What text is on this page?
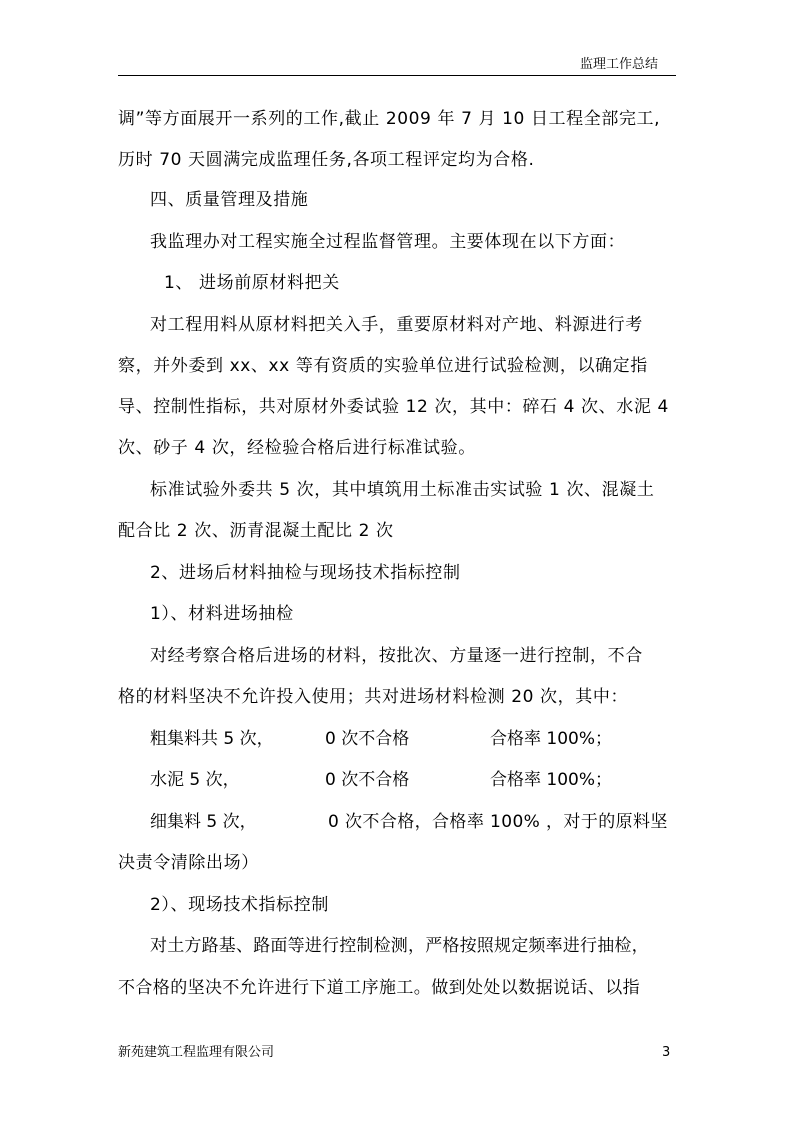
监理工作总结
调”等方面展开一系列的工作,截止 2009 年 7 月 10 日工程全部完工,
历时 70 天圆满完成监理任务,各项工程评定均为合格.
四、质量管理及措施
我监理办对工程实施全过程监督管理。主要体现在以下方面：
1、 进场前原材料把关
对工程用料从原材料把关入手，重要原材料对产地、料源进行考
察，并外委到 xx、xx 等有资质的实验单位进行试验检测，以确定指
导、控制性指标，共对原材外委试验 12 次，其中：碎石 4 次、水泥 4
次、砂子 4 次，经检验合格后进行标准试验。
标准试验外委共 5 次，其中填筑用土标准击实试验 1 次、混凝土
配合比 2 次、沥青混凝土配比 2 次
2、进场后材料抽检与现场技术指标控制
1）、材料进场抽检
对经考察合格后进场的材料，按批次、方量逐一进行控制，不合
格的材料坚决不允许投入使用；共对进场材料检测 20 次，其中：
粗集料共 5 次，	0 次不合格	合格率 100%；
水泥 5 次，	0 次不合格	合格率 100%；
细集料 5 次，	0 次不合格，合格率 100% ，对于的原料坚
决责令清除出场）
2）、现场技术指标控制
对土方路基、路面等进行控制检测，严格按照规定频率进行抽检，
不合格的坚决不允许进行下道工序施工。做到处处以数据说话、以指
新苑建筑工程监理有限公司	3
